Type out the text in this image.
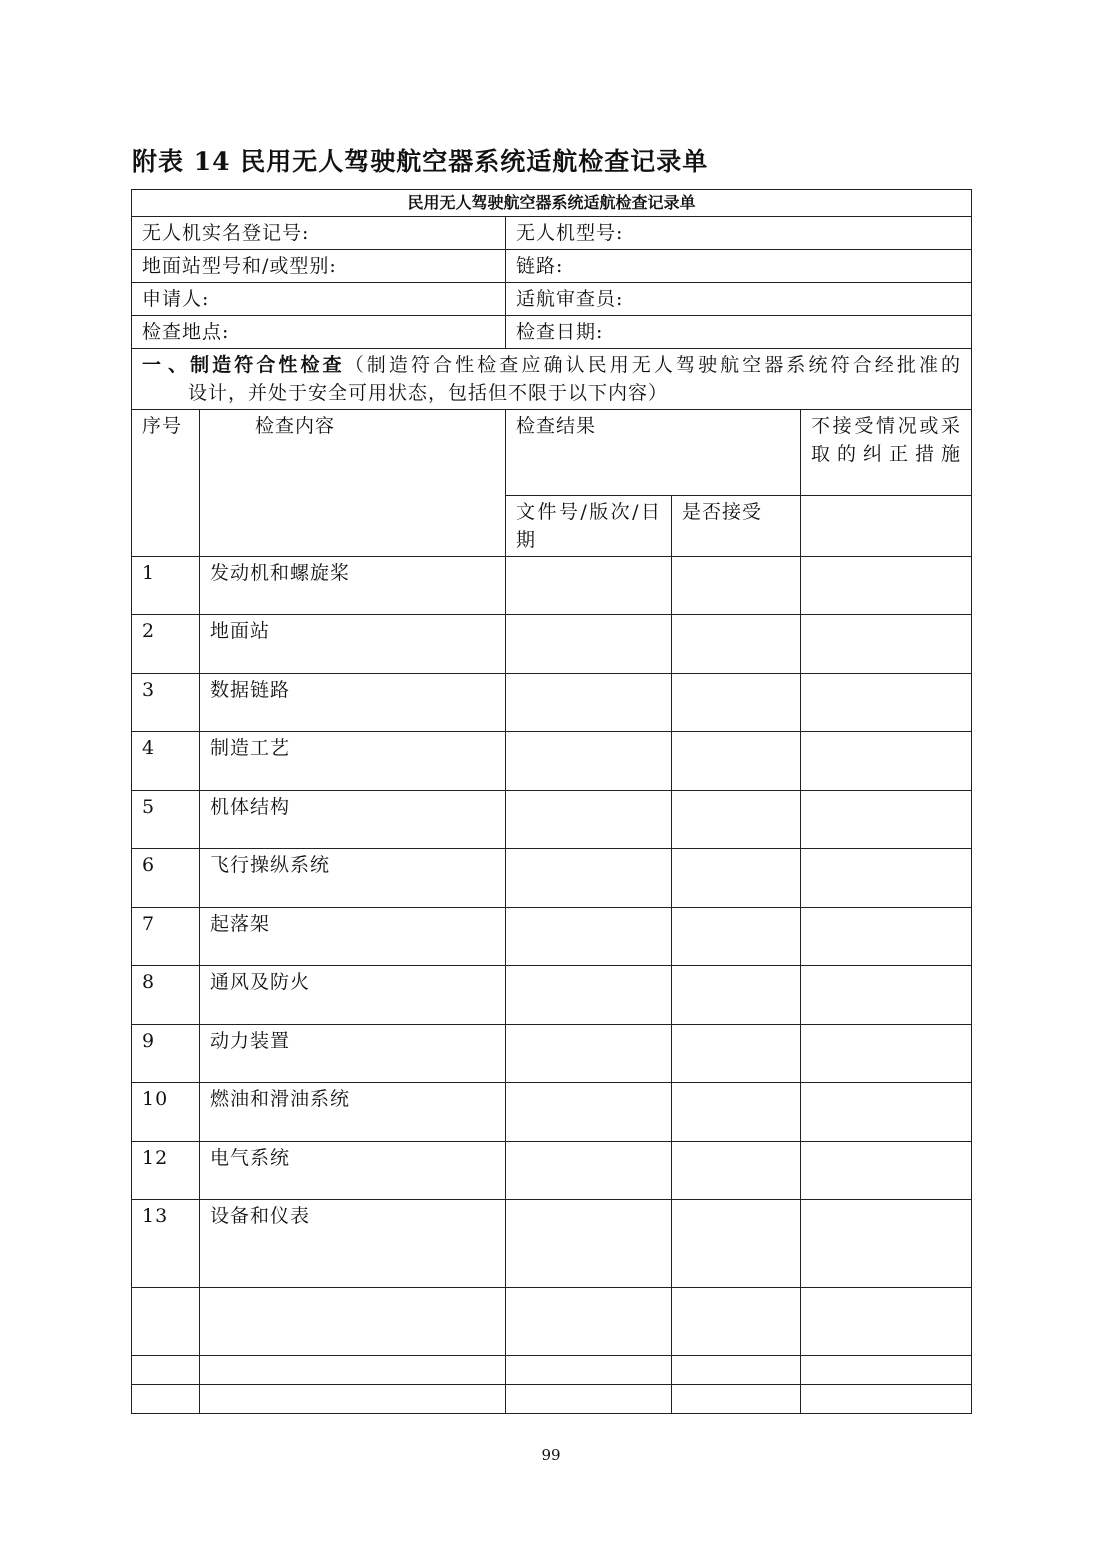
附表 14 民用无人驾驶航空器系统适航检查记录单
民用无人驾驶航空器系统适航检查记录单				
无人机实名登记号:		无人机型号:		
地面站型号和/或型别:		链路:		
申请人:		适航审查员:		
检查地点:		检查日期:		
一、制造符合性检查（制造符合性检查应确认民用无人驾驶航空器系统符合经批准的
设计，并处于安全可用状态，包括但不限于以下内容）				

序号	检查内容	检查结果		不接受情况或采取的纠正措施
		文件号/版次/日期	是否接受	
1	发动机和螺旋桨			
2	地面站			
3	数据链路			
4	制造工艺			
5	机体结构			
6	飞行操纵系统			
7	起落架			
8	通风及防火			
9	动力装置			
10	燃油和滑油系统			
12	电气系统			
13	设备和仪表			

99
